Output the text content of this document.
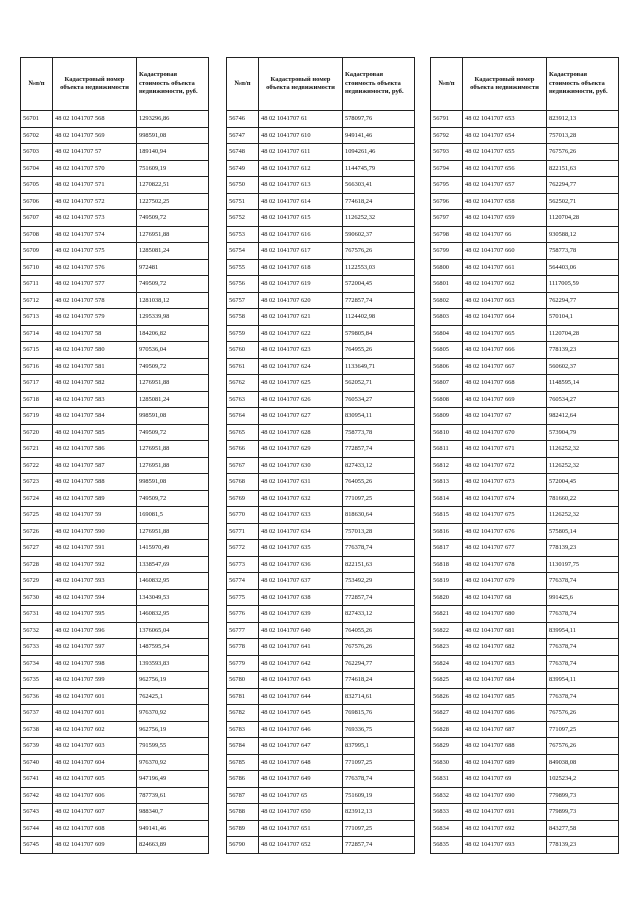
№п/п	Кадастровый номер объекта недвижимости	Кадастровая стоимость объекта недвижимости, руб.
56701	48 02 1041707 568	1293296,86
56702	48 02 1041707 569	998591,08
56703	48 02 1041707 57	189140,94
56704	48 02 1041707 570	751609,19
56705	48 02 1041707 571	1270822,51
56706	48 02 1041707 572	1227502,25
56707	48 02 1041707 573	749509,72
56708	48 02 1041707 574	1276951,88
56709	48 02 1041707 575	1285081,24
56710	48 02 1041707 576	972481
56711	48 02 1041707 577	749509,72
56712	48 02 1041707 578	1281038,12
56713	48 02 1041707 579	1295339,98
56714	48 02 1041707 58	184206,82
56715	48 02 1041707 580	970536,04
56716	48 02 1041707 581	749509,72
56717	48 02 1041707 582	1276951,88
56718	48 02 1041707 583	1285081,24
56719	48 02 1041707 584	998591,08
56720	48 02 1041707 585	749509,72
56721	48 02 1041707 586	1276951,88
56722	48 02 1041707 587	1276951,88
56723	48 02 1041707 588	998591,08
56724	48 02 1041707 589	749509,72
56725	48 02 1041707 59	169081,5
56726	48 02 1041707 590	1276951,88
56727	48 02 1041707 591	1415970,49
56728	48 02 1041707 592	1338547,69
56729	48 02 1041707 593	1460832,95
56730	48 02 1041707 594	1343049,53
56731	48 02 1041707 595	1460832,95
56732	48 02 1041707 596	1376065,04
56733	48 02 1041707 597	1487595,54
56734	48 02 1041707 598	1393593,83
56735	48 02 1041707 599	962756,19
56736	48 02 1041707 601	762425,1
56737	48 02 1041707 601	976370,92
56738	48 02 1041707 602	962756,19
56739	48 02 1041707 603	791599,55
56740	48 02 1041707 604	976370,92
56741	48 02 1041707 605	947196,49
56742	48 02 1041707 606	787739,61
56743	48 02 1041707 607	988340,7
56744	48 02 1041707 608	949141,46
56745	48 02 1041707 609	824663,89
№п/п	Кадастровый номер объекта недвижимости	Кадастровая стоимость объекта недвижимости, руб.
56746	48 02 1041707 61	578097,76
56747	48 02 1041707 610	949141,46
56748	48 02 1041707 611	1094261,46
56749	48 02 1041707 612	1144745,79
56750	48 02 1041707 613	566303,41
56751	48 02 1041707 614	774618,24
56752	48 02 1041707 615	1126252,32
56753	48 02 1041707 616	590602,37
56754	48 02 1041707 617	767576,26
56755	48 02 1041707 618	1122553,03
56756	48 02 1041707 619	572004,45
56757	48 02 1041707 620	772857,74
56758	48 02 1041707 621	1124402,98
56759	48 02 1041707 622	579805,84
56760	48 02 1041707 623	764955,26
56761	48 02 1041707 624	1133649,71
56762	48 02 1041707 625	562052,71
56763	48 02 1041707 626	760534,27
56764	48 02 1041707 627	830954,11
56765	48 02 1041707 628	758773,78
56766	48 02 1041707 629	772857,74
56767	48 02 1041707 630	827433,12
56768	48 02 1041707 631	764055,26
56769	48 02 1041707 632	771097,25
56770	48 02 1041707 633	818630,64
56771	48 02 1041707 634	757013,28
56772	48 02 1041707 635	776378,74
56773	48 02 1041707 636	822151,63
56774	48 02 1041707 637	753492,29
56775	48 02 1041707 638	772857,74
56776	48 02 1041707 639	827433,12
56777	48 02 1041707 640	764055,26
56778	48 02 1041707 641	767576,26
56779	48 02 1041707 642	762294,77
56780	48 02 1041707 643	774618,24
56781	48 02 1041707 644	832714,61
56782	48 02 1041707 645	769815,76
56783	48 02 1041707 646	769336,75
56784	48 02 1041707 647	837995,1
56785	48 02 1041707 648	771097,25
56786	48 02 1041707 649	776378,74
56787	48 02 1041707 65	751609,19
56788	48 02 1041707 650	823912,13
56789	48 02 1041707 651	771097,25
56790	48 02 1041707 652	772857,74
№п/п	Кадастровый номер объекта недвижимости	Кадастровая стоимость объекта недвижимости, руб.
56791	48 02 1041707 653	823912,13
56792	48 02 1041707 654	757013,28
56793	48 02 1041707 655	767576,26
56794	48 02 1041707 656	822151,63
56795	48 02 1041707 657	762294,77
56796	48 02 1041707 658	562502,71
56797	48 02 1041707 659	1120704,28
56798	48 02 1041707 66	930588,12
56799	48 02 1041707 660	758773,78
56800	48 02 1041707 661	564403,06
56801	48 02 1041707 662	1117005,59
56802	48 02 1041707 663	762294,77
56803	48 02 1041707 664	570104,1
56804	48 02 1041707 665	1120704,28
56805	48 02 1041707 666	778139,23
56806	48 02 1041707 667	560602,37
56807	48 02 1041707 668	1148595,14
56808	48 02 1041707 669	760534,27
56809	48 02 1041707 67	982412,64
56810	48 02 1041707 670	573904,79
56811	48 02 1041707 671	1126252,32
56812	48 02 1041707 672	1126252,32
56813	48 02 1041707 673	572004,45
56814	48 02 1041707 674	781660,22
56815	48 02 1041707 675	1126252,32
56816	48 02 1041707 676	575805,14
56817	48 02 1041707 677	778139,23
56818	48 02 1041707 678	1130197,75
56819	48 02 1041707 679	776378,74
56820	48 02 1041707 68	991425,6
56821	48 02 1041707 680	776378,74
56822	48 02 1041707 681	839954,11
56823	48 02 1041707 682	776378,74
56824	48 02 1041707 683	776378,74
56825	48 02 1041707 684	839954,11
56826	48 02 1041707 685	776378,74
56827	48 02 1041707 686	767576,26
56828	48 02 1041707 687	771097,25
56829	48 02 1041707 688	767576,26
56830	48 02 1041707 689	849038,08
56831	48 02 1041707 69	1025234,2
56832	48 02 1041707 690	779899,73
56833	48 02 1041707 691	779899,73
56834	48 02 1041707 692	843277,58
56835	48 02 1041707 693	778139,23
